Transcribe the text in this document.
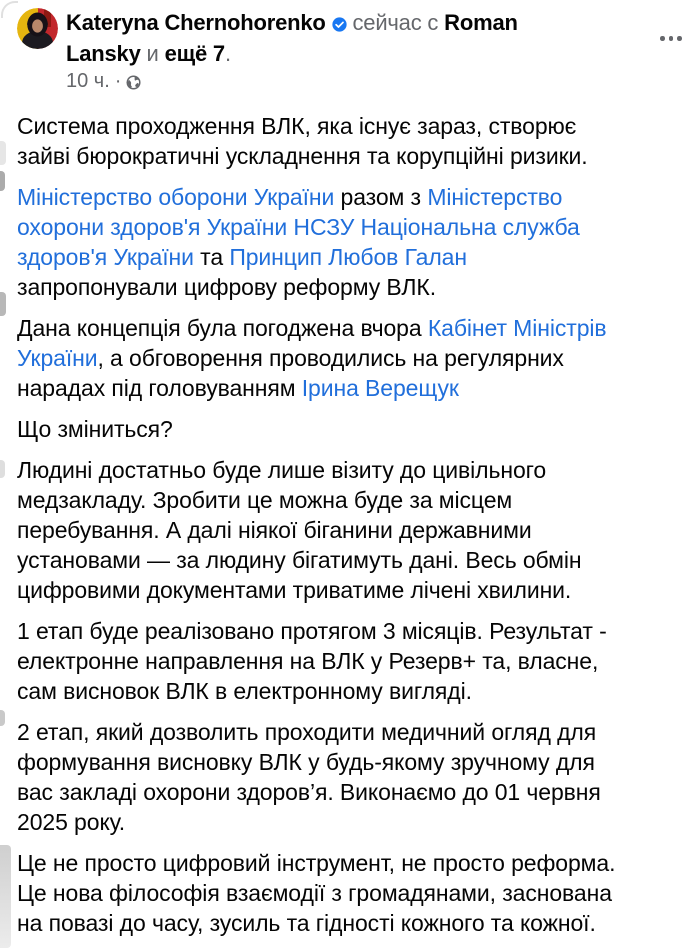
Kateryna Chernohorenko сейчас с Roman Lansky и ещё 7.
10 ч. ·
Система проходження ВЛК, яка існує зараз, створює
зайві бюрократичні ускладнення та корупційні ризики.
Міністерство оборони України разом з Міністерство
охорони здоров'я України НСЗУ Національна служба
здоров'я України та Принцип Любов Галан
запропонували цифрову реформу ВЛК.
Дана концепція була погоджена вчора Кабінет Міністрів
України, а обговорення проводились на регулярних
нарадах під головуванням Ірина Верещук
Що зміниться?
Людині достатньо буде лише візиту до цивільного
медзакладу. Зробити це можна буде за місцем
перебування. А далі ніякої біганини державними
установами — за людину бігатимуть дані. Весь обмін
цифровими документами триватиме лічені хвилини.
1 етап буде реалізовано протягом 3 місяців. Результат -
електронне направлення на ВЛК у Резерв+ та, власне,
сам висновок ВЛК в електронному вигляді.
2 етап, який дозволить проходити медичний огляд для
формування висновку ВЛК у будь-якому зручному для
вас закладі охорони здоров’я. Виконаємо до 01 червня
2025 року.
Це не просто цифровий інструмент, не просто реформа.
Це нова філософія взаємодії з громадянами, заснована
на повазі до часу, зусиль та гідності кожного та кожної.
